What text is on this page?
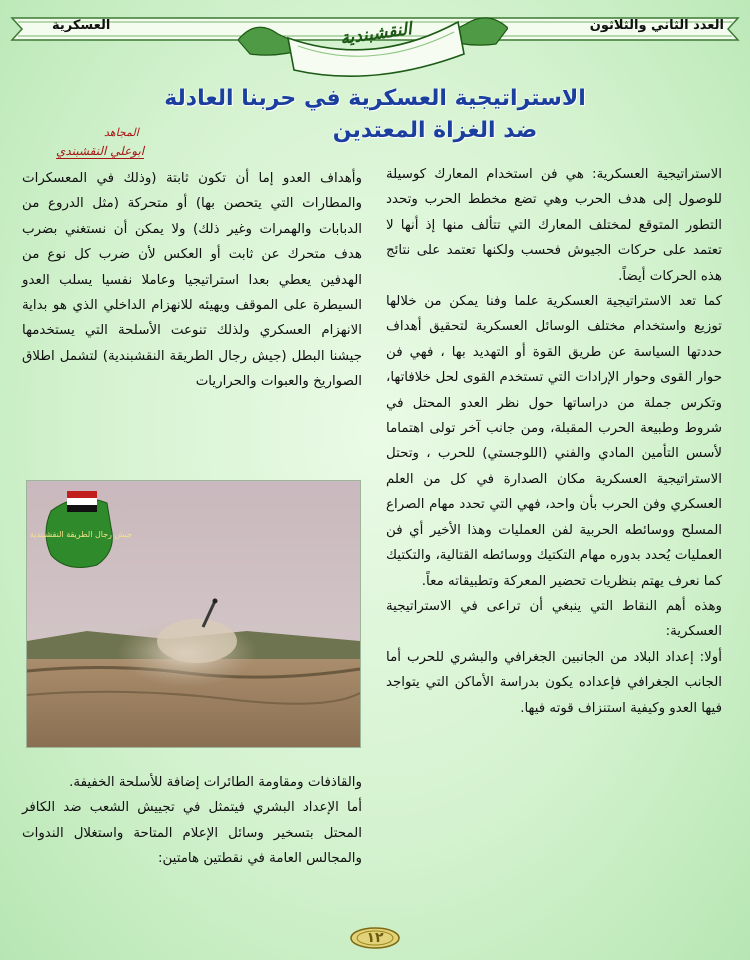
العدد الثاني والثلاثون
العسكرية	النقشبندية
الاستراتيجية العسكرية في حربنا العادلة
ضد الغزاة المعتدين
المجاهد
ابوعلي النقشبندي

الاستراتيجية العسكرية: هي فن استخدام المعارك كوسيلة للوصول إلى هدف الحرب وهي تضع مخطط الحرب وتحدد التطور المتوقع لمختلف المعارك التي تتألف منها إذ أنها لا تعتمد على حركات الجيوش فحسب ولكنها تعتمد على نتائج هذه الحركات أيضاً.

كما تعد الاستراتيجية العسكرية علما وفنا يمكن من خلالها توزيع واستخدام مختلف الوسائل العسكرية لتحقيق أهداف حددتها السياسة عن طريق القوة أو التهديد بها ، فهي فن حوار القوى وحوار الإرادات التي تستخدم القوى لحل خلافاتها، وتكرس جملة من دراساتها حول نظر العدو المحتل في شروط وطبيعة الحرب المقبلة، ومن جانب آخر تولى اهتماما لأسس التأمين المادي والفني (اللوجستي) للحرب ، وتحتل الاستراتيجية العسكرية مكان الصدارة في كل من العلم العسكري وفن الحرب بأن واحد، فهي التي تحدد مهام الصراع المسلح ووسائطه الحربية لفن العمليات وهذا الأخير أي فن العمليات يُحدد بدوره مهام التكتيك ووسائطه القتالية، والتكتيك كما نعرف يهتم بنظريات تحضير المعركة وتطبيقاته معاً.

وهذه أهم النقاط التي ينبغي أن تراعى في الاستراتيجية العسكرية:

أولا: إعداد البلاد من الجانبين الجغرافي والبشري للحرب أما الجانب الجغرافي فإعداده يكون بدراسة الأماكن التي يتواجد فيها العدو وكيفية استنزاف قوته فيها.

وأهداف العدو إما أن تكون ثابتة (وذلك في المعسكرات والمطارات التي يتحصن بها) أو متحركة (مثل الدروع من الدبابات والهمرات وغير ذلك) ولا يمكن أن نستغني بضرب هدف متحرك عن ثابت أو العكس لأن ضرب كل نوع من الهدفين يعطي بعدا استراتيجيا وعاملا نفسيا يسلب العدو السيطرة على الموقف ويهيئه للانهزام الداخلي الذي هو بداية الانهزام العسكري ولذلك تنوعت الأسلحة التي يستخدمها جيشنا البطل (جيش رجال الطريقة النقشبندية) لتشمل اطلاق الصواريخ والعبوات والحراريات

جيش رجال الطريقة النقشبندية

والقاذفات ومقاومة الطائرات إضافة للأسلحة الخفيفة.

أما الإعداد البشري فيتمثل في تجييش الشعب ضد الكافر المحتل بتسخير وسائل الإعلام المتاحة واستغلال الندوات والمجالس العامة في نقطتين هامتين:

١٢
